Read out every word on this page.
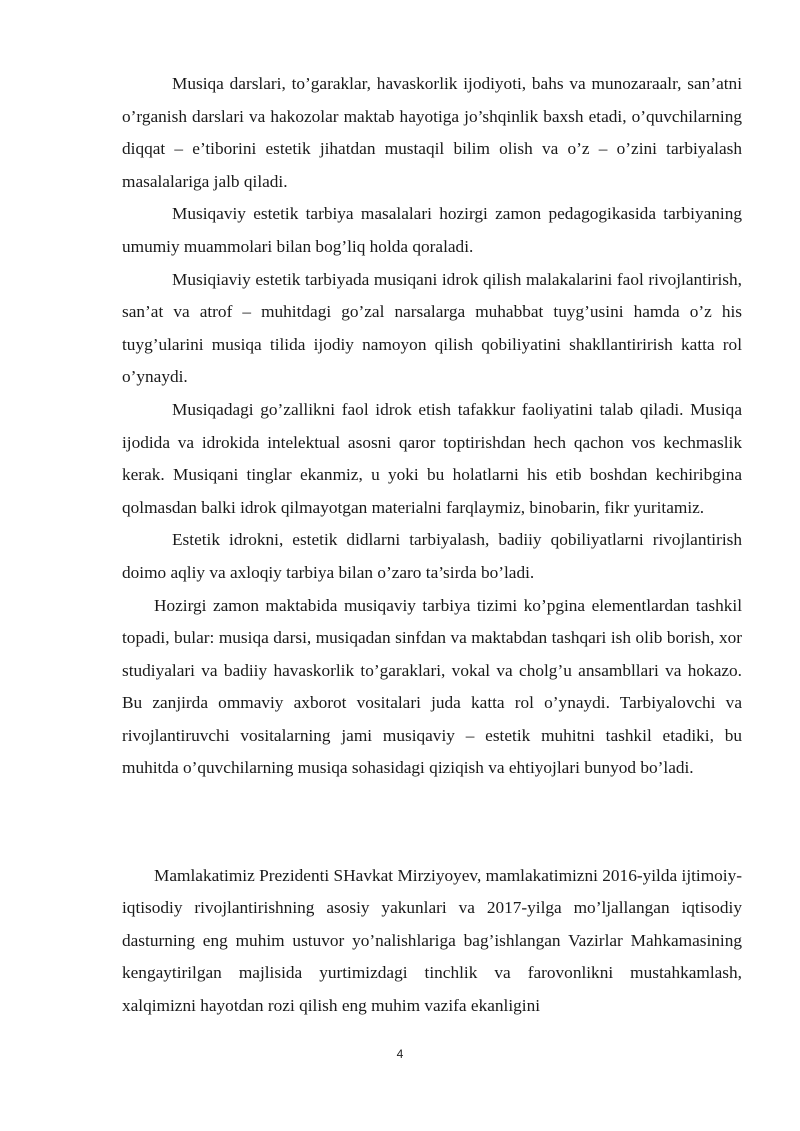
Musiqa darslari, to’garaklar, havaskorlik ijodiyoti, bahs va munozaraalr, san’atni o’rganish darslari va hakozolar maktab hayotiga jo’shqinlik baxsh etadi, o’quvchilarning diqqat – e’tiborini estetik jihatdan mustaqil bilim olish va o’z – o’zini tarbiyalash masalalariga jalb qiladi.

Musiqaviy estetik tarbiya masalalari hozirgi zamon pedagogikasida tarbiyaning umumiy muammolari bilan bog’liq holda qoraladi.

Musiqiaviy estetik tarbiyada musiqani idrok qilish malakalarini faol rivojlantirish, san’at va atrof – muhitdagi go’zal narsalarga muhabbat tuyg’usini hamda o’z his tuyg’ularini musiqa tilida ijodiy namoyon qilish qobiliyatini shakllantirirish katta rol o’ynaydi.

Musiqadagi go’zallikni faol idrok etish tafakkur faoliyatini talab qiladi. Musiqa ijodida va idrokida intelektual asosni qaror toptirishdan hech qachon vos kechmaslik kerak. Musiqani tinglar ekanmiz, u yoki bu holatlarni his etib boshdan kechiribgina qolmasdan balki idrok qilmayotgan materialni farqlaymiz, binobarin, fikr yuritamiz.

Estetik idrokni, estetik didlarni tarbiyalash, badiiy qobiliyatlarni rivojlantirish doimo aqliy va axloqiy tarbiya bilan o’zaro ta’sirda bo’ladi.

Hozirgi zamon maktabida musiqaviy tarbiya tizimi ko’pgina elementlardan tashkil topadi, bular: musiqa darsi, musiqadan sinfdan va maktabdan tashqari ish olib borish, xor studiyalari va badiiy havaskorlik to’garaklari, vokal va cholg’u ansambllari va hokazo. Bu zanjirda ommaviy axborot vositalari juda katta rol o’ynaydi. Tarbiyalovchi va rivojlantiruvchi vositalarning jami musiqaviy – estetik muhitni tashkil etadiki, bu muhitda o’quvchilarning musiqa sohasidagi qiziqish va ehtiyojlari bunyod bo’ladi.

Mamlakatimiz Prezidenti SHavkat Mirziyoyev, mamlakatimizni 2016-yilda ijtimoiy-iqtisodiy rivojlantirishning asosiy yakunlari va 2017-yilga mo’ljallangan iqtisodiy dasturning eng muhim ustuvor yo’nalishlariga bag’ishlangan Vazirlar Mahkamasining kengaytirilgan majlisida yurtimizdagi tinchlik va farovonlikni mustahkamlash, xalqimizni hayotdan rozi qilish eng muhim vazifa ekanligini

4
